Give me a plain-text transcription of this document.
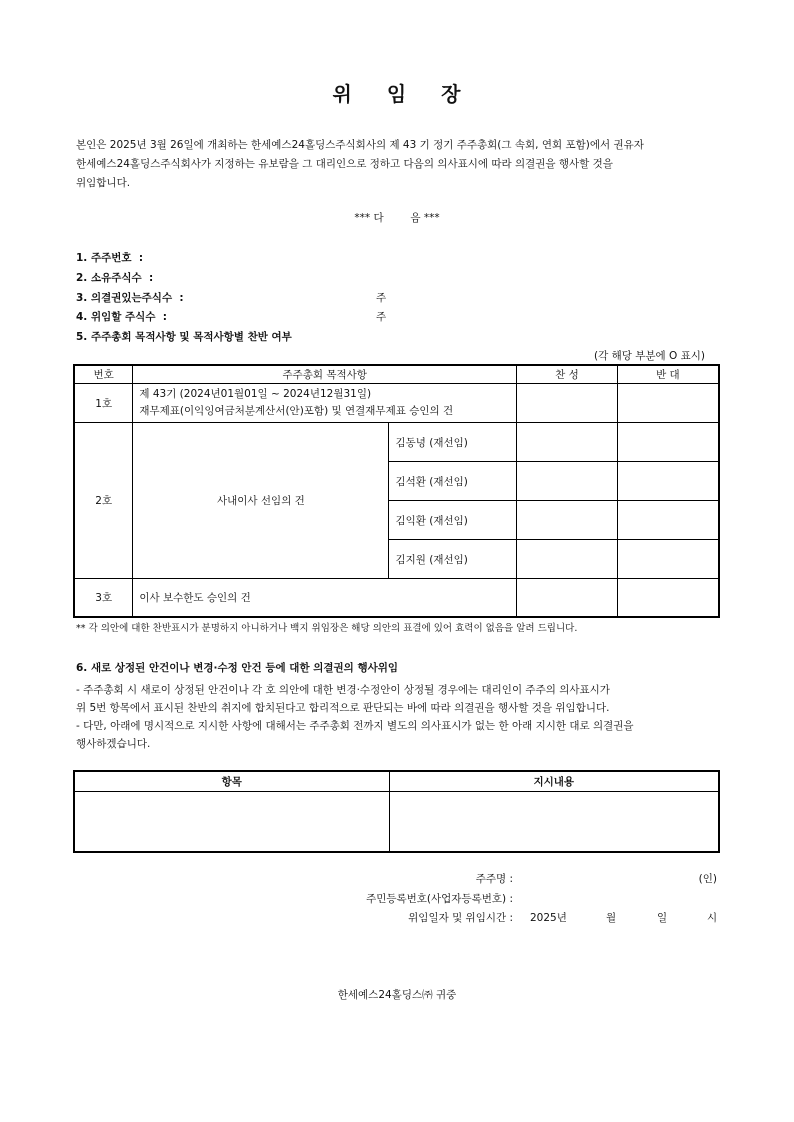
위 임 장
본인은 2025년 3월 26일에 개최하는 한세예스24홀딩스주식회사의 제 43 기 정기 주주총회(그 속회, 연회 포함)에서 권유자
한세예스24홀딩스주식회사가 지정하는 유보람을 그 대리인으로 정하고 다음의 의사표시에 따라 의결권을 행사할 것을
위임합니다.
*** 다        음 ***
1. 주주번호  :
2. 소유주식수  :
3. 의결권있는주식수  :	주
4. 위임할 주식수  :	주
5. 주주총회 목적사항 및 목적사항별 찬반 여부
(각 해당 부분에 O 표시)
번호	주주총회 목적사항		찬 성	반 대
1호	제 43기 (2024년01월01일 ~ 2024년12월31일)
재무제표(이익잉여금처분계산서(안)포함) 및 연결재무제표 승인의 건			

2호	사내이사 선임의 건	김동녕 (재선임)		
		김석환 (재선임)		
		김익환 (재선임)		
		김지원 (재선임)		
3호	이사 보수한도 승인의 건			
** 각 의안에 대한 찬반표시가 분명하지 아니하거나 백지 위임장은 해당 의안의 표결에 있어 효력이 없음을 알려 드립니다.
6. 새로 상정된 안건이나 변경·수정 안건 등에 대한 의결권의 행사위임
- 주주총회 시 새로이 상정된 안건이나 각 호 의안에 대한 변경·수정안이 상정될 경우에는 대리인이 주주의 의사표시가
위 5번 항목에서 표시된 찬반의 취지에 합치된다고 합리적으로 판단되는 바에 따라 의결권을 행사할 것을 위임합니다.
- 다만, 아래에 명시적으로 지시한 사항에 대해서는 주주총회 전까지 별도의 의사표시가 없는 한 아래 지시한 대로 의결권을
행사하겠습니다.
항목	지시내용

주주명 :	(인)
주민등록번호(사업자등록번호) :
위임일자 및 위임시간 : 2025년	월	일	시
한세예스24홀딩스㈜ 귀중
